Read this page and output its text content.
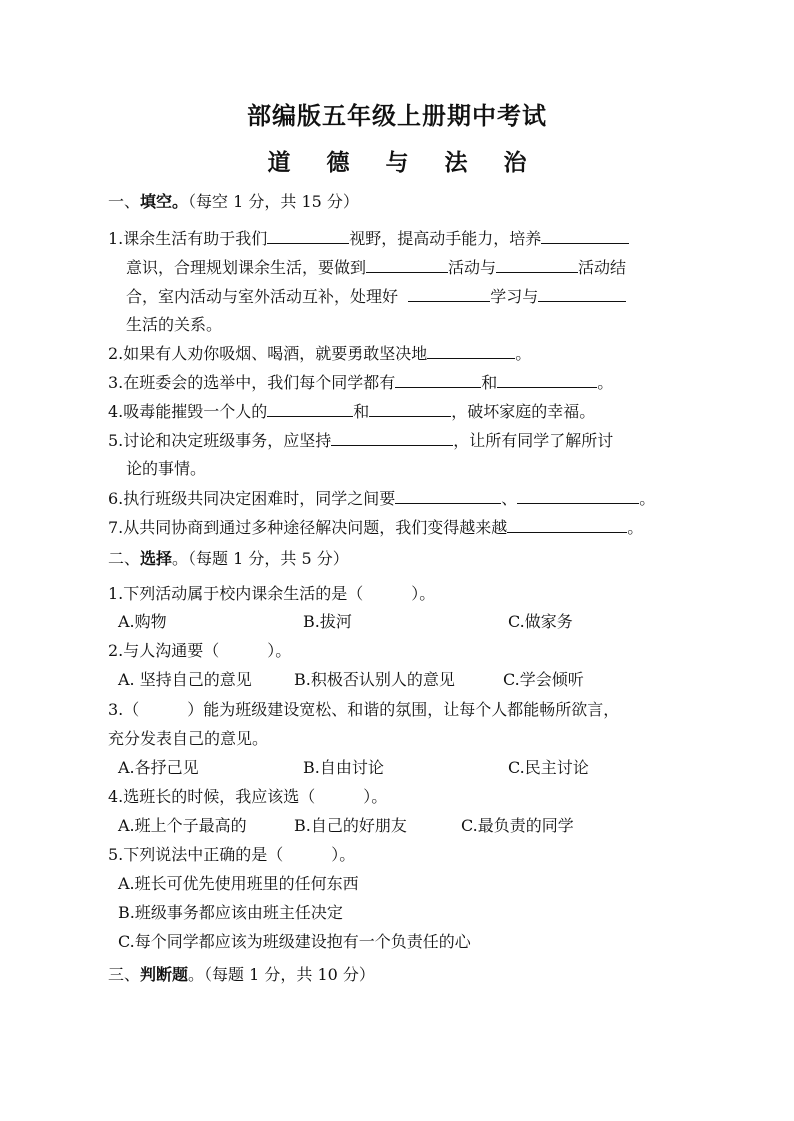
部编版五年级上册期中考试
道 德 与 法 治
一、填空。（每空 1 分，共 15 分）
1.课余生活有助于我们	视野，提高动手能力，培养
意识，合理规划课余生活，要做到	活动与	活动结
合，室内活动与室外活动互补，处理好	学习与
生活的关系。
2.如果有人劝你吸烟、喝酒，就要勇敢坚决地	。
3.在班委会的选举中，我们每个同学都有	和	。
4.吸毒能摧毁一个人的	和	，破坏家庭的幸福。
5.讨论和决定班级事务，应坚持	，让所有同学了解所讨
论的事情。
6.执行班级共同决定困难时，同学之间要	、	。
7.从共同协商到通过多种途径解决问题，我们变得越来越	。
二、选择。（每题 1 分，共 5 分）
1.下列活动属于校内课余生活的是（　　　）。
A.购物	B.拔河	C.做家务
2.与人沟通要（　　　）。
A. 坚持自己的意见	B.积极否认别人的意见	C.学会倾听
3.（　　　）能为班级建设宽松、和谐的氛围，让每个人都能畅所欲言，
充分发表自己的意见。
A.各抒己见	B.自由讨论	C.民主讨论
4.选班长的时候，我应该选（　　　）。
A.班上个子最高的	B.自己的好朋友	C.最负责的同学
5.下列说法中正确的是（　　　）。
A.班长可优先使用班里的任何东西
B.班级事务都应该由班主任决定
C.每个同学都应该为班级建设抱有一个负责任的心
三、判断题。（每题 1 分，共 10 分）
